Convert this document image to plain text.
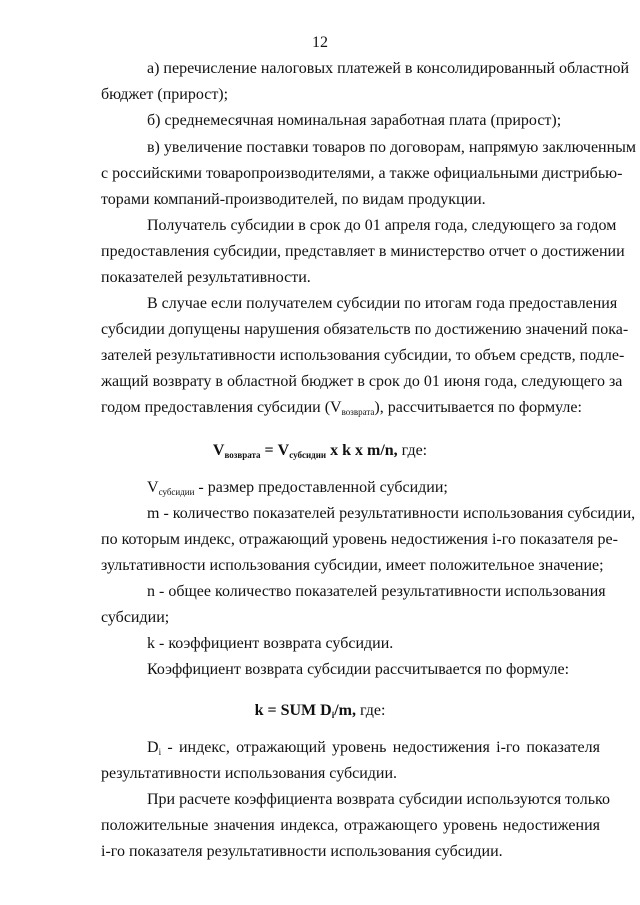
12
а) перечисление налоговых платежей в консолидированный областной
бюджет (прирост);
б) среднемесячная номинальная заработная плата (прирост);
в) увеличение поставки товаров по договорам, напрямую заключенным
с российскими товаропроизводителями, а также официальными дистрибью-
торами компаний-производителей, по видам продукции.
Получатель субсидии в срок до 01 апреля года, следующего за годом
предоставления субсидии, представляет в министерство отчет о достижении
показателей результативности.
В случае если получателем субсидии по итогам года предоставления
субсидии допущены нарушения обязательств по достижению значений пока-
зателей результативности использования субсидии, то объем средств, подле-
жащий возврату в областной бюджет в срок до 01 июня года, следующего за
годом предоставления субсидии (Vвозврата), рассчитывается по формуле:
$V_{возврата} = V_{субсидии}$ x k x m/n, где:
Vсубсидии - размер предоставленной субсидии;
m - количество показателей результативности использования субсидии,
по которым индекс, отражающий уровень недостижения i-го показателя ре-
зультативности использования субсидии, имеет положительное значение;
n - общее количество показателей результативности использования
субсидии;
k - коэффициент возврата субсидии.
Коэффициент возврата субсидии рассчитывается по формуле:
k = SUM $D_i/m$, где:
Di - индекс, отражающий уровень недостижения i-го показателя
результативности использования субсидии.
При расчете коэффициента возврата субсидии используются только
положительные значения индекса, отражающего уровень недостижения
i-го показателя результативности использования субсидии.
